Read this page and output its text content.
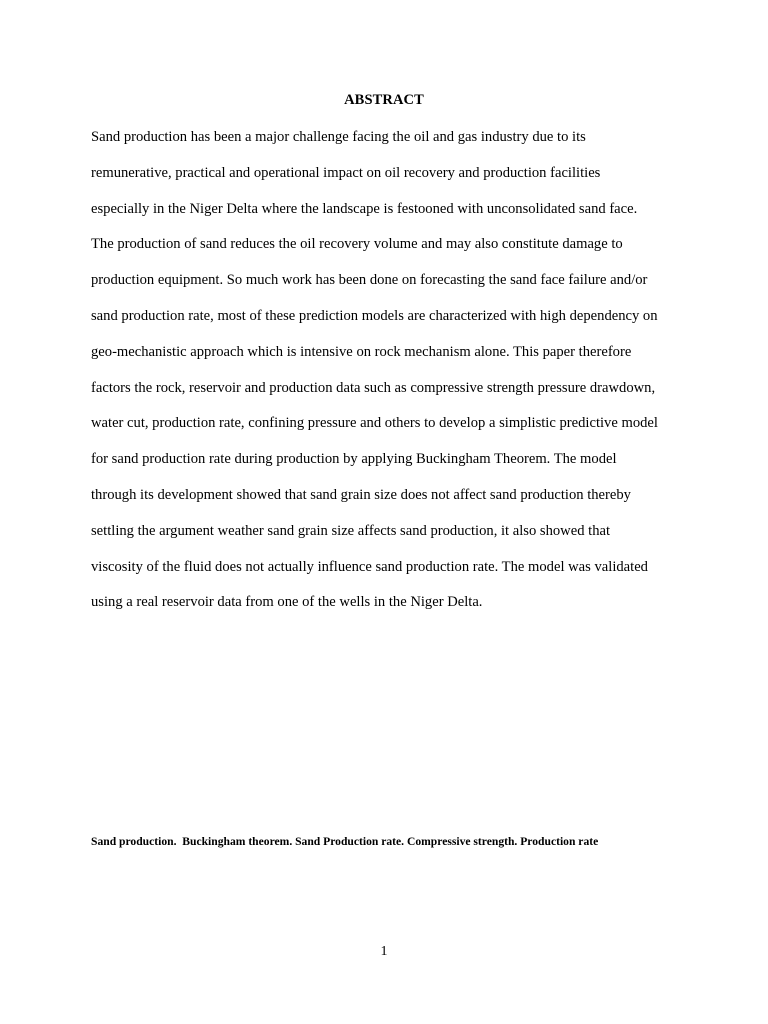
ABSTRACT
Sand production has been a major challenge facing the oil and gas industry due to its
remunerative, practical and operational impact on oil recovery and production facilities
especially in the Niger Delta where the landscape is festooned with unconsolidated sand face.
The production of sand reduces the oil recovery volume and may also constitute damage to
production equipment. So much work has been done on forecasting the sand face failure and/or
sand production rate, most of these prediction models are characterized with high dependency on
geo-mechanistic approach which is intensive on rock mechanism alone. This paper therefore
factors the rock, reservoir and production data such as compressive strength pressure drawdown,
water cut, production rate, confining pressure and others to develop a simplistic predictive model
for sand production rate during production by applying Buckingham Theorem. The model
through its development showed that sand grain size does not affect sand production thereby
settling the argument weather sand grain size affects sand production, it also showed that
viscosity of the fluid does not actually influence sand production rate. The model was validated
using a real reservoir data from one of the wells in the Niger Delta.
Sand production.  Buckingham theorem. Sand Production rate. Compressive strength. Production rate
1
